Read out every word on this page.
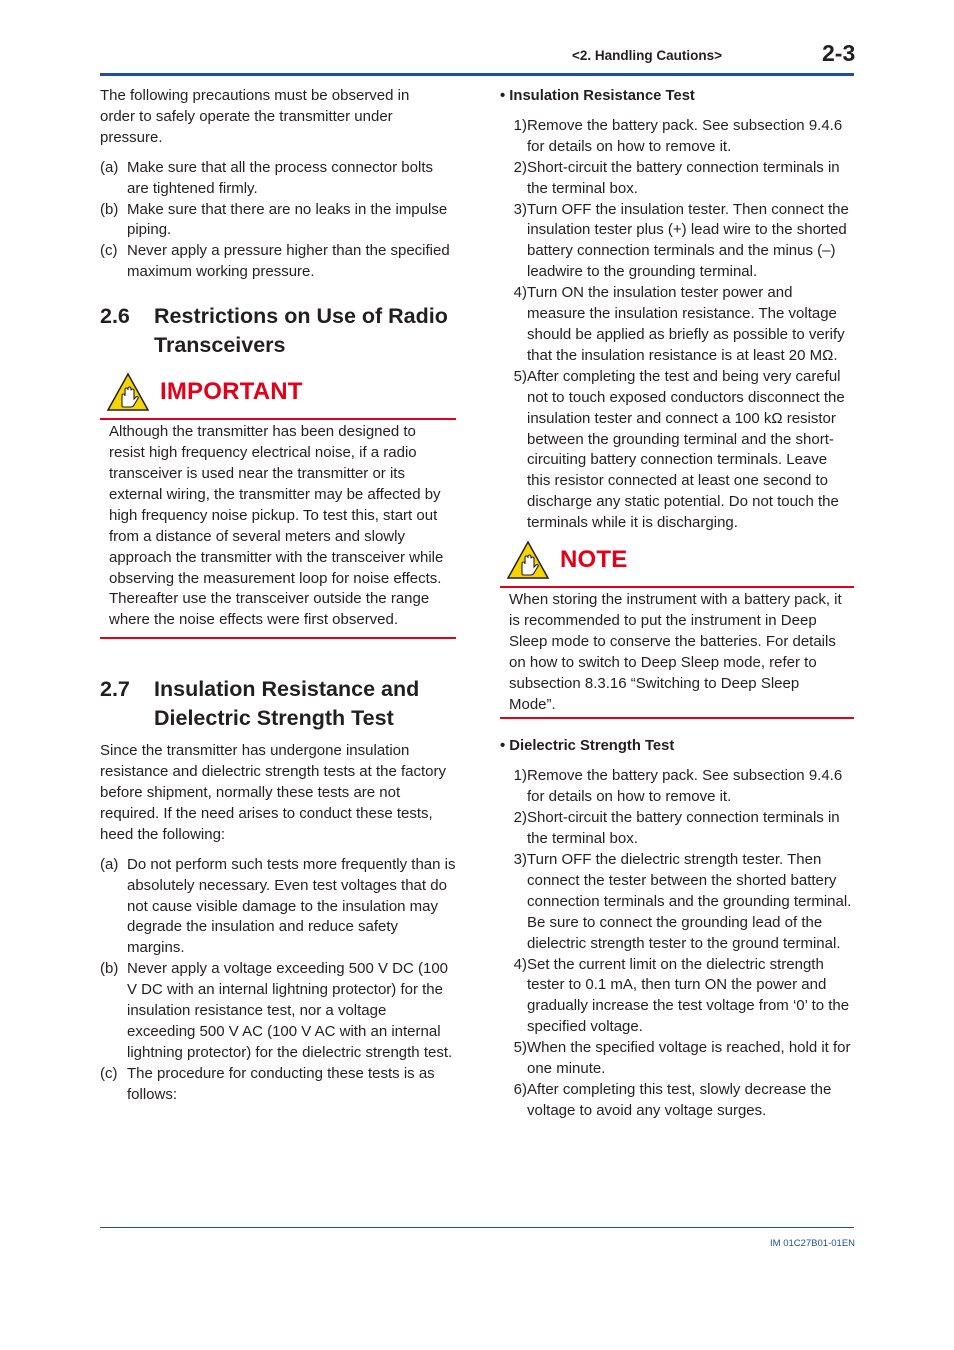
<2. Handling Cautions>	2-3

The following precautions must be observed in order to safely operate the transmitter under pressure.

(a) Make sure that all the process connector bolts are tightened firmly.
(b) Make sure that there are no leaks in the impulse piping.
(c) Never apply a pressure higher than the specified maximum working pressure.
2.6	Restrictions on Use of Radio Transceivers
IMPORTANT

Although the transmitter has been designed to resist high frequency electrical noise, if a radio transceiver is used near the transmitter or its external wiring, the transmitter may be affected by high frequency noise pickup. To test this, start out from a distance of several meters and slowly approach the transmitter with the transceiver while observing the measurement loop for noise effects. Thereafter use the transceiver outside the range where the noise effects were first observed.

2.7	Insulation Resistance and Dielectric Strength Test

Since the transmitter has undergone insulation resistance and dielectric strength tests at the factory before shipment, normally these tests are not required. If the need arises to conduct these tests, heed the following:

(a) Do not perform such tests more frequently than is absolutely necessary. Even test voltages that do not cause visible damage to the insulation may degrade the insulation and reduce safety margins.
(b) Never apply a voltage exceeding 500 V DC (100 V DC with an internal lightning protector) for the insulation resistance test, nor a voltage exceeding 500 V AC (100 V AC with an internal lightning protector) for the dielectric strength test.
(c) The procedure for conducting these tests is as follows:

• Insulation Resistance Test

1) Remove the battery pack. See subsection 9.4.6 for details on how to remove it.
2) Short-circuit the battery connection terminals in the terminal box.
3) Turn OFF the insulation tester. Then connect the insulation tester plus (+) lead wire to the shorted battery connection terminals and the minus (–) leadwire to the grounding terminal.
4) Turn ON the insulation tester power and measure the insulation resistance. The voltage should be applied as briefly as possible to verify that the insulation resistance is at least 20 MΩ.
5) After completing the test and being very careful not to touch exposed conductors disconnect the insulation tester and connect a 100 kΩ resistor between the grounding terminal and the short-circuiting battery connection terminals. Leave this resistor connected at least one second to discharge any static potential. Do not touch the terminals while it is discharging.
NOTE

When storing the instrument with a battery pack, it is recommended to put the instrument in Deep Sleep mode to conserve the batteries. For details on how to switch to Deep Sleep mode, refer to subsection 8.3.16 “Switching to Deep Sleep Mode”.

• Dielectric Strength Test

1) Remove the battery pack. See subsection 9.4.6 for details on how to remove it.
2) Short-circuit the battery connection terminals in the terminal box.
3) Turn OFF the dielectric strength tester. Then connect the tester between the shorted battery connection terminals and the grounding terminal. Be sure to connect the grounding lead of the dielectric strength tester to the ground terminal.
4) Set the current limit on the dielectric strength tester to 0.1 mA, then turn ON the power and gradually increase the test voltage from ‘0’ to the specified voltage.
5) When the specified voltage is reached, hold it for one minute.
6) After completing this test, slowly decrease the voltage to avoid any voltage surges.
IM 01C27B01-01EN
